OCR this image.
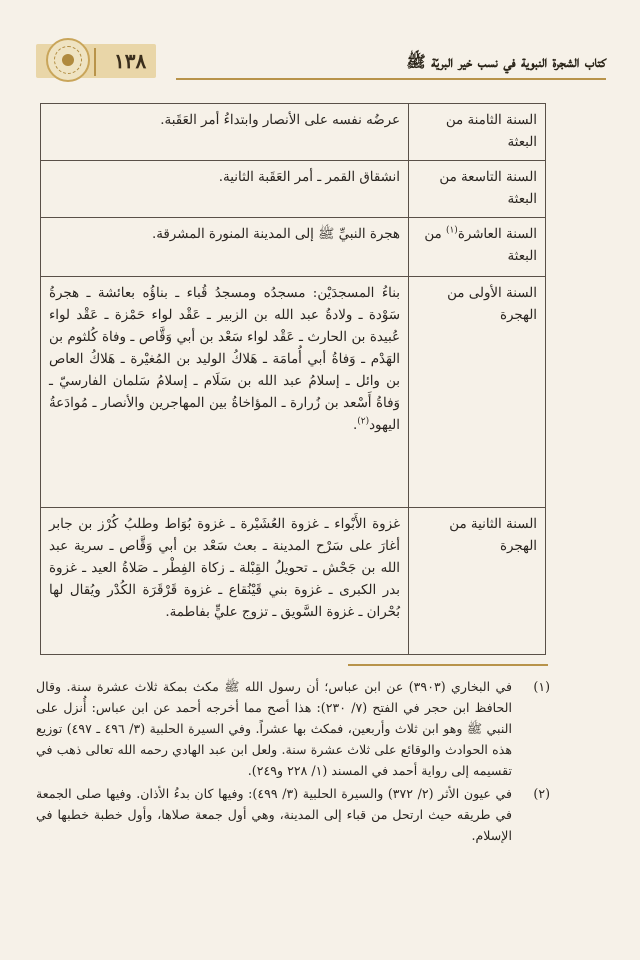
١٣٨	كتاب الشجرة النبوية في نسب خير البريّة ﷺ
السنة الثامنة من البعثة	عرضُه نفسه على الأنصار وابتداءُ أمر العَقَبة.
السنة التاسعة من البعثة	انشقاق القمر ـ أمر العَقَبة الثانية.
السنة العاشرة$^{(١)}$ من البعثة	هجرة النبيِّ ﷺ إلى المدينة المنورة المشرقة.
السنة الأولى من الهجرة	بناءُ المسجدَيْن: مسجدُه ومسجدُ قُباء ـ بناؤُه بعائشة ـ هجرةُ سَوْدة ـ ولادةُ عبد الله بن الزبير ـ عَقْد لواء حَمْزة ـ عَقْد لواء عُبيدة بن الحارث ـ عَقْد لواء سَعْد بن أبي وَقَّاص ـ وفاة كُلثوم بن الهَدْم ـ وَفاةُ أبي أُمامَة ـ هَلاكُ الوليد بن المُغيْرة ـ هَلاكُ العاص بن وائل ـ إسلامُ عبد الله بن سَلَام ـ إسلامُ سَلمان الفارسيّ ـ وَفاةُ أَسْعد بن زُرارة ـ المؤاخاةُ بين المهاجرين والأنصار ـ مُوادَعةُ اليهود$^{(٢)}$.
السنة الثانية من الهجرة	غزوة الأَبْواء ـ غزوة العُشَيْرة ـ غزوة بُوَاط وطلبُ كُرْز بن جابر أغارَ على سَرْح المدينة ـ بعث سَعْد بن أبي وَقَّاص ـ سرية عبد الله بن جَحْش ـ تحويلُ القِبْلة ـ زكاة الفِطْر ـ صَلاةُ العيد ـ غزوة بدر الكبرى ـ غزوة بني قَيْنُقاع ـ غزوة قَرْقَرَة الكُدْر ويُقال لها بُحْران ـ غزوة السَّويق ـ تزوج عليٍّ بفاطمة.
(١)
في البخاري (٣٩٠٣) عن ابن عباس؛ أن رسول الله ﷺ مكث بمكة ثلاث عشرة سنة. وقال الحافظ ابن حجر في الفتح (٧/ ٢٣٠): هذا أصح مما أخرجه أحمد عن ابن عباس: أُنزل على النبي ﷺ وهو ابن ثلاث وأربعين، فمكث بها عشراً. وفي السيرة الحلبية (٣/ ٤٩٦ ـ ٤٩٧) توزيع هذه الحوادث والوقائع على ثلاث عشرة سنة. ولعل ابن عبد الهادي رحمه الله تعالى ذهب في تقسيمه إلى رواية أحمد في المسند (١/ ٢٢٨ و٢٤٩).
(٢)
في عيون الأثر (٢/ ٣٧٢) والسيرة الحلبية (٣/ ٤٩٩): وفيها كان بدءُ الأذان. وفيها صلى الجمعة في طريقه حيث ارتحل من قباء إلى المدينة، وهي أول جمعة صلاها، وأول خطبة خطبها في الإسلام.
